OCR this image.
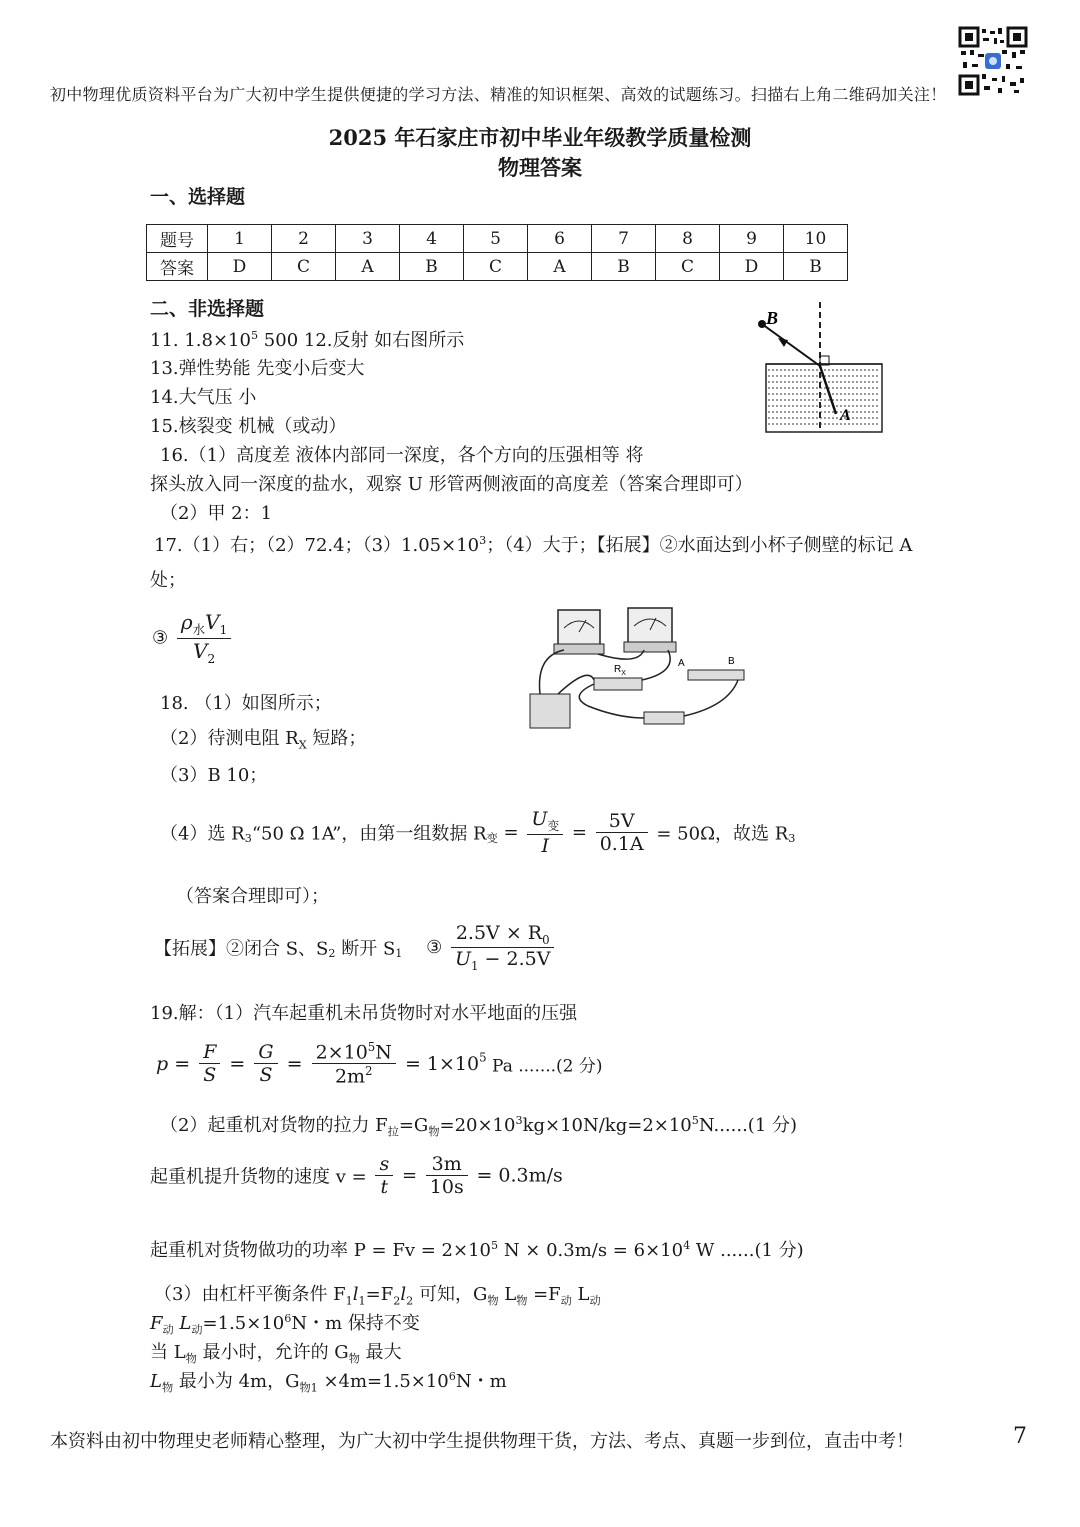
初中物理优质资料平台为广大初中学生提供便捷的学习方法、精准的知识框架、高效的试题练习。扫描右上角二维码加关注！
2025 年石家庄市初中毕业年级教学质量检测
物理答案
一、选择题
题号	1	2	3	4	5	6	7	8	9	10
答案	D	C	A	B	C	A	B	C	D	B
二、非选择题
11. $1.8\times 10^5$ 500 12.反射 如右图所示
13.弹性势能 先变小后变大
14.大气压 小
15.核裂变 机械（或动）
B
A
16.（1）高度差 液体内部同一深度，各个方向的压强相等 将
探头放入同一深度的盐水，观察 U 形管两侧液面的高度差（答案合理即可）
（2）甲 2：1
17.（1）右；（2）72.4；$(3)1.05\times 10^3$；（4）大于；【拓展】②水面达到小杯子侧壁的标记 A
处；
③ $\frac{\rho_水V_1}{V_2}$
$R_X$
A	B
18. （1）如图所示；
（2）待测电阻 $R_X$ 短路；
（3）B 10；
（4）选 $R_3“50$ Ω 1A”，由第一组数据 $R_变 = \frac{U_变}{I} = \frac{5V}{0.1A} = 50\Omega$，故选 $R_3$
（答案合理即可）；
【拓展】②闭合 S、$S_2$ 断开 $S_1$ ③ $\frac{2.5V \times R_0}{U_1 - 2.5V}$
19.解：（1）汽车起重机未吊货物时对水平地面的压强
$p = \frac{F}{S} = \frac{G}{S} = \frac{2\times 10^5N}{2m^2} = 1\times 10^5$ Pa .......(2 分)
（2）起重机对货物的拉力 $F_拉=G_物=20\times 10^3kg\times 10N/kg=2\times 10^5N......(1$ 分)
起重机提升货物的速度 $v = \frac{s}{t} = \frac{3m}{10s} = 0.3m/s$
起重机对货物做功的功率 $P = Fv = 2\times 10^5$ $N \times 0.3m/s = 6\times 10^4$ W ......(1 分)
（3）由杠杆平衡条件 $F_1l_1=F_2l_2$ 可知，$G_物$ $L_物 =F_动$ $L_动$
$F_动$ $L_动=1.5\times 10^6N$・m 保持不变
当 $L_物$ 最小时，允许的 $G_物$ 最大
$L_物$ 最小为 4m，$G_{物1} \times 4m=1.5\times 10^6N$・m
本资料由初中物理史老师精心整理，为广大初中学生提供物理干货，方法、考点、真题一步到位，直击中考！	7
